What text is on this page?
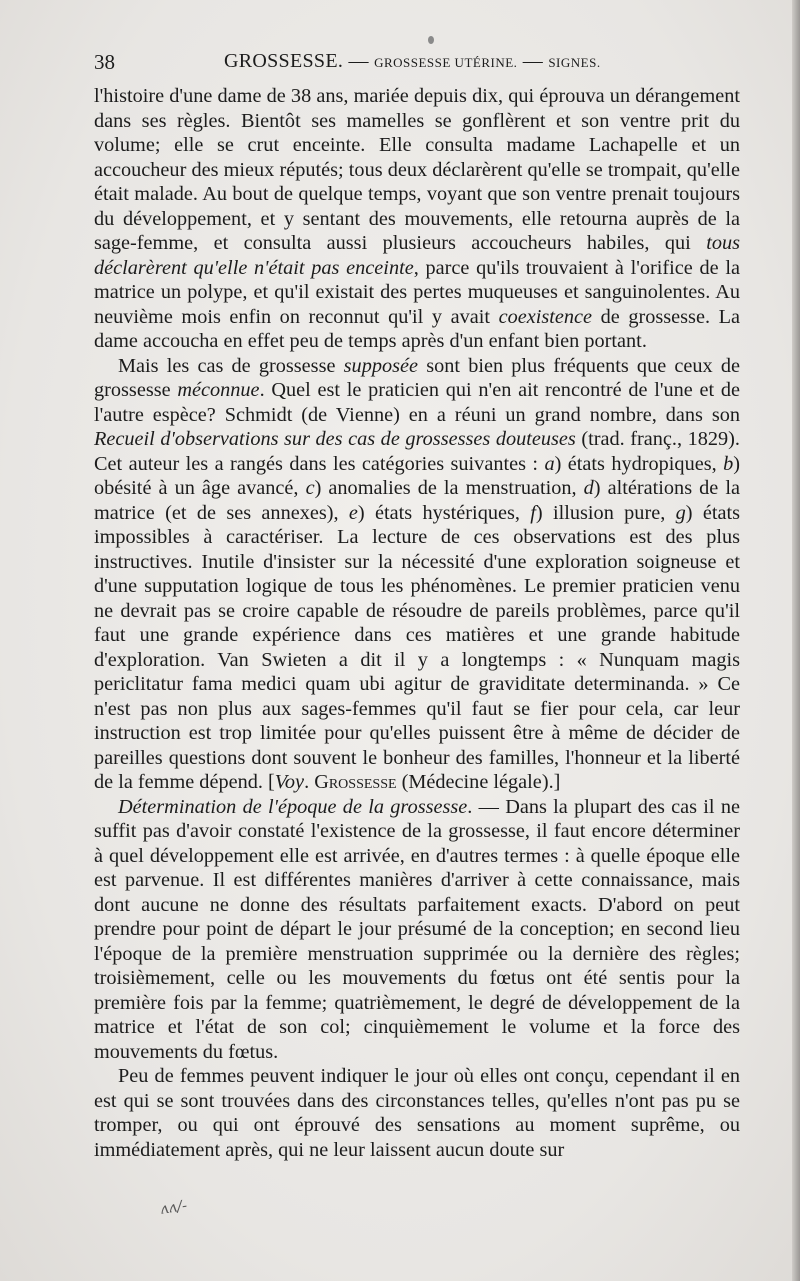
38	GROSSESSE. — GROSSESSE UTÉRINE. — SIGNES.

l'histoire d'une dame de 38 ans, mariée depuis dix, qui éprouva un dérangement dans ses règles. Bientôt ses mamelles se gonflèrent et son ventre prit du volume; elle se crut enceinte. Elle consulta madame Lachapelle et un accoucheur des mieux réputés; tous deux déclarèrent qu'elle se trompait, qu'elle était malade. Au bout de quelque temps, voyant que son ventre prenait toujours du développement, et y sentant des mouvements, elle retourna auprès de la sage-femme, et consulta aussi plusieurs accoucheurs habiles, qui tous déclarèrent qu'elle n'était pas enceinte, parce qu'ils trouvaient à l'orifice de la matrice un polype, et qu'il existait des pertes muqueuses et sanguinolentes. Au neuvième mois enfin on reconnut qu'il y avait coexistence de grossesse. La dame accoucha en effet peu de temps après d'un enfant bien portant.

Mais les cas de grossesse supposée sont bien plus fréquents que ceux de grossesse méconnue. Quel est le praticien qui n'en ait rencontré de l'une et de l'autre espèce? Schmidt (de Vienne) en a réuni un grand nombre, dans son Recueil d'observations sur des cas de grossesses douteuses (trad. franç., 1829). Cet auteur les a rangés dans les catégories suivantes : a) états hydropiques, b) obésité à un âge avancé, c) anomalies de la menstruation, d) altérations de la matrice (et de ses annexes), e) états hystériques, f) illusion pure, g) états impossibles à caractériser. La lecture de ces observations est des plus instructives. Inutile d'insister sur la nécessité d'une exploration soigneuse et d'une supputation logique de tous les phénomènes. Le premier praticien venu ne devrait pas se croire capable de résoudre de pareils problèmes, parce qu'il faut une grande expérience dans ces matières et une grande habitude d'exploration. Van Swieten a dit il y a longtemps : « Nunquam magis periclitatur fama medici quam ubi agitur de graviditate determinanda. » Ce n'est pas non plus aux sages-femmes qu'il faut se fier pour cela, car leur instruction est trop limitée pour qu'elles puissent être à même de décider de pareilles questions dont souvent le bonheur des familles, l'honneur et la liberté de la femme dépend. [Voy. Grossesse (Médecine légale).]

Détermination de l'époque de la grossesse. — Dans la plupart des cas il ne suffit pas d'avoir constaté l'existence de la grossesse, il faut encore déterminer à quel développement elle est arrivée, en d'autres termes : à quelle époque elle est parvenue. Il est différentes manières d'arriver à cette connaissance, mais dont aucune ne donne des résultats parfaitement exacts. D'abord on peut prendre pour point de départ le jour présumé de la conception; en second lieu l'époque de la première menstruation supprimée ou la dernière des règles; troisièmement, celle ou les mouvements du fœtus ont été sentis pour la première fois par la femme; quatrièmement, le degré de développement de la matrice et l'état de son col; cinquièmement le volume et la force des mouvements du fœtus.

Peu de femmes peuvent indiquer le jour où elles ont conçu, cependant il en est qui se sont trouvées dans des circonstances telles, qu'elles n'ont pas pu se tromper, ou qui ont éprouvé des sensations au moment suprême, ou immédiatement après, qui ne leur laissent aucun doute sur

ʌʌ/-
